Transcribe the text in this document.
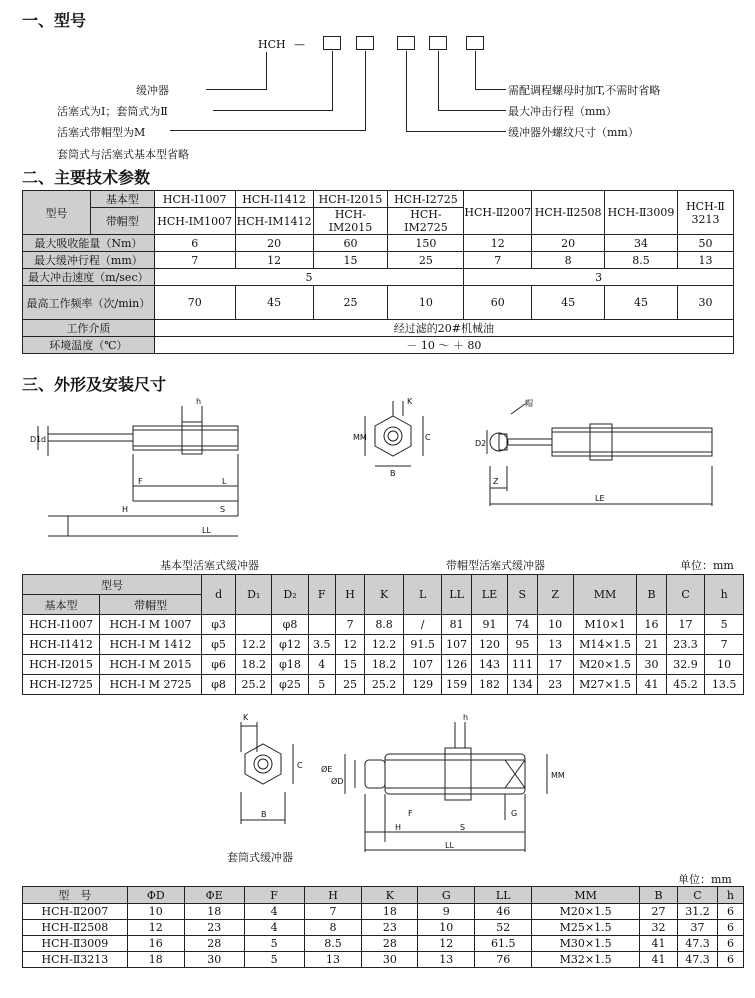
一、型号
HCH —
缓冲器
活塞式为Ⅰ；套筒式为Ⅱ
活塞式带帽型为M
套筒式与活塞式基本型省略
需配调程螺母时加T,不需时省略
最大冲击行程（mm）
缓冲器外螺纹尺寸（mm）
二、主要技术参数
型号	基本型	HCH-Ⅰ1007	HCH-Ⅰ1412	HCH-Ⅰ2015	HCH-Ⅰ2725	HCH-Ⅱ2007	HCH-Ⅱ2508	HCH-Ⅱ3009	HCH-Ⅱ
3213
	带帽型	HCH-ⅠM1007	HCH-ⅠM1412	HCH-ⅠM2015	HCH-ⅠM2725				
最大吸收能量（Nm）		6	20	60	150	12	20	34	50
最大缓冲行程（mm）		7	12	15	25	7	8	8.5	13
最大冲击速度（m/sec）		5				3			
最高工作频率（次/min）		70	45	25	10	60	45	45	30
工作介质		经过滤的20#机械油							
环境温度（℃）		－ 10 ～ ＋ 80							
三、外形及安装尺寸
h
D1 d
F	L
H	S
LL
K
MM	C
B
帽
D2
Z
LE
基本型活塞式缓冲器	带帽型活塞式缓冲器	单位：mm
型号		d	D₁	D₂	F	H	K	L	LL	LE	S	Z	MM	B	C	h
基本型	带帽型															
HCH-Ⅰ1007	HCH-Ⅰ M 1007	φ3		φ8		7	8.8	/	81	91	74	10	M10×1	16	17	5
HCH-Ⅰ1412	HCH-Ⅰ M 1412	φ5	12.2	φ12	3.5	12	12.2	91.5	107	120	95	13	M14×1.5	21	23.3	7
HCH-Ⅰ2015	HCH-Ⅰ M 2015	φ6	18.2	φ18	4	15	18.2	107	126	143	111	17	M20×1.5	30	32.9	10
HCH-Ⅰ2725	HCH-Ⅰ M 2725	φ8	25.2	φ25	5	25	25.2	129	159	182	134	23	M27×1.5	41	45.2	13.5
K
C
B
h
ØE
ØD
MM
F	G
H	S
LL
套筒式缓冲器
单位：mm
型　号	ΦD	ΦE	F	H	K	G	LL	MM	B	C	h
HCH-Ⅱ2007	10	18	4	7	18	9	46	M20×1.5	27	31.2	6
HCH-Ⅱ2508	12	23	4	8	23	10	52	M25×1.5	32	37	6
HCH-Ⅱ3009	16	28	5	8.5	28	12	61.5	M30×1.5	41	47.3	6
HCH-Ⅱ3213	18	30	5	13	30	13	76	M32×1.5	41	47.3	6
